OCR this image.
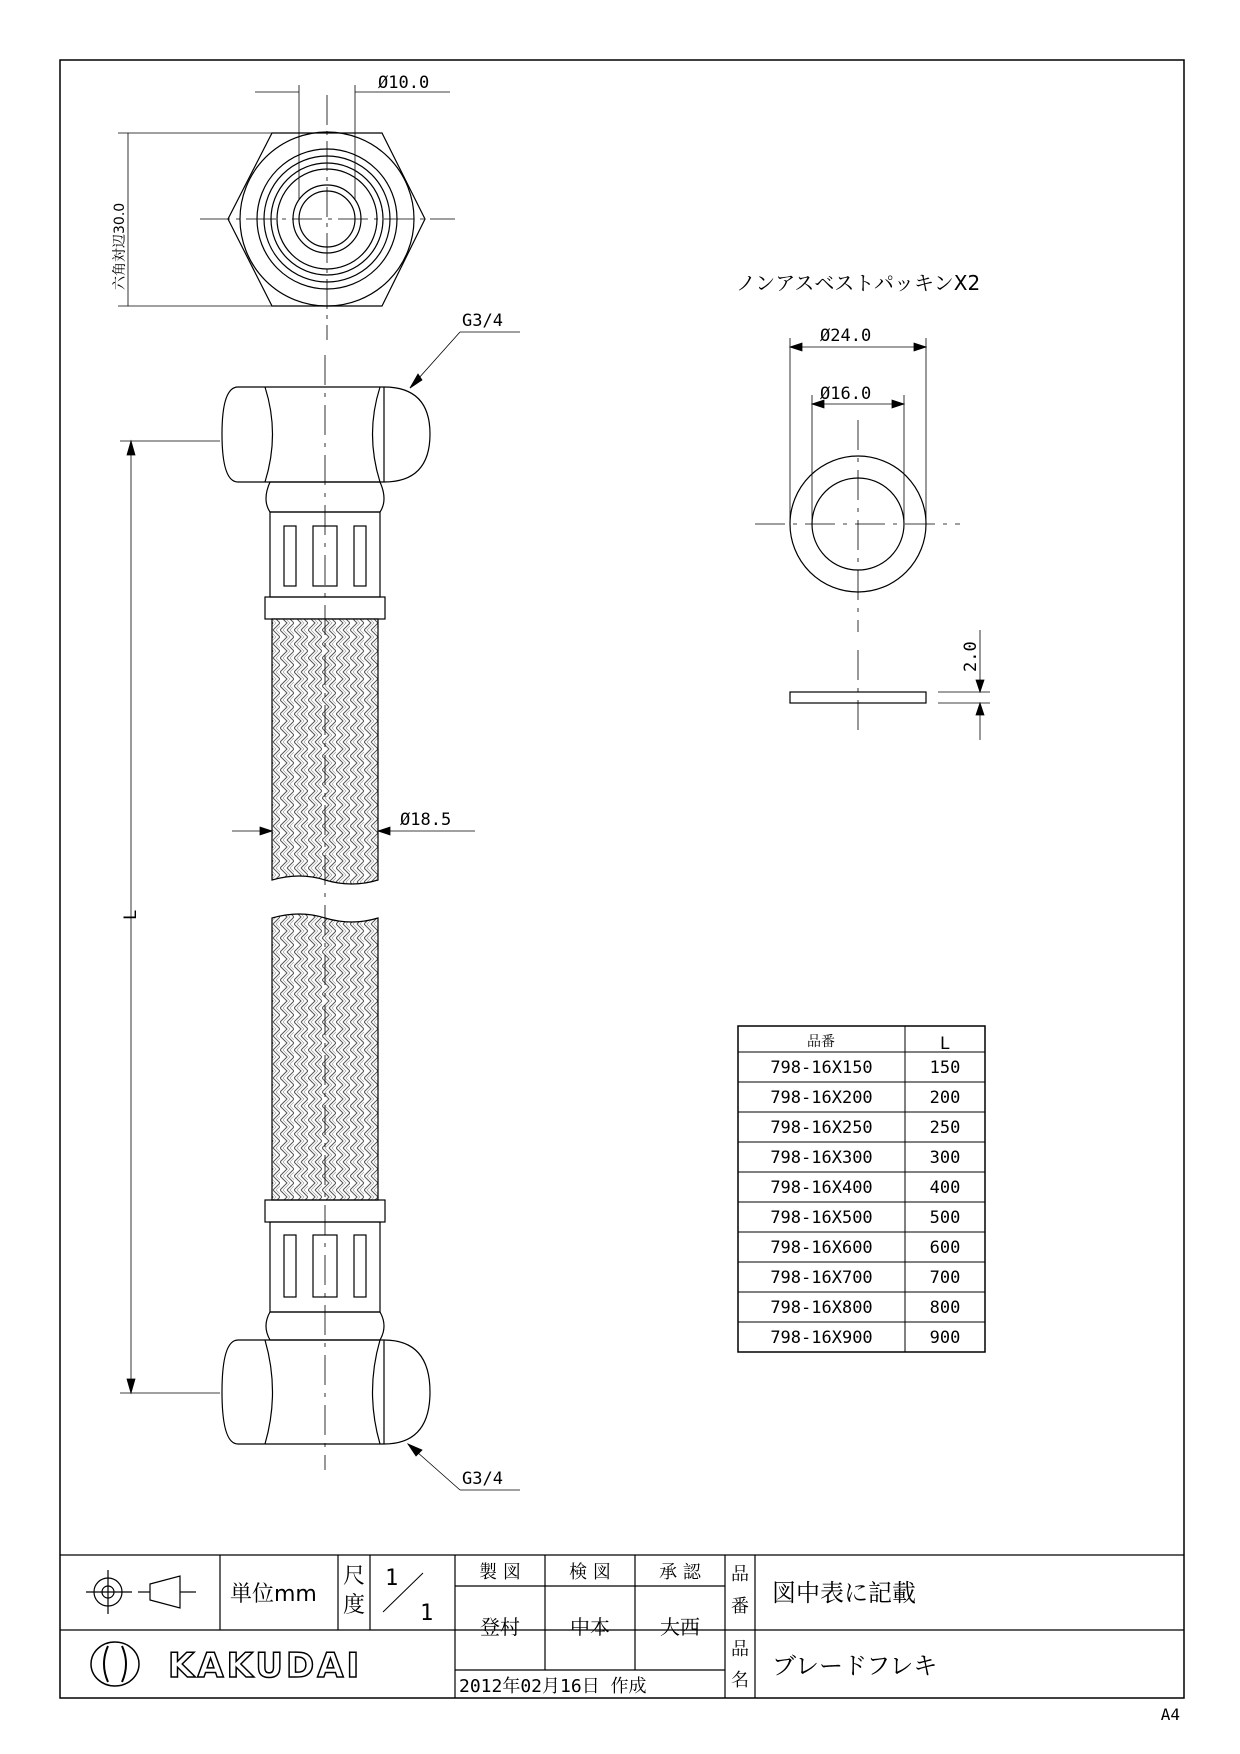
Ø10.0
六角対辺30.0
G3/4
G3/4
Ø18.5
L
ノンアスベストパッキンX2
Ø24.0
Ø16.0
2.0
品番	L
798-16X150	150
798-16X200	200
798-16X250	250
798-16X300	300
798-16X400	400
798-16X500	500
798-16X600	600
798-16X700	700
798-16X800	800
798-16X900	900
単位mm
尺
度
1
1
製 図	検 図	承 認
登村	中本	大西
品
番 図中表に記載
品
名
ブレードフレキ
KAKUDAI
2012年02月16日 作成
A4
